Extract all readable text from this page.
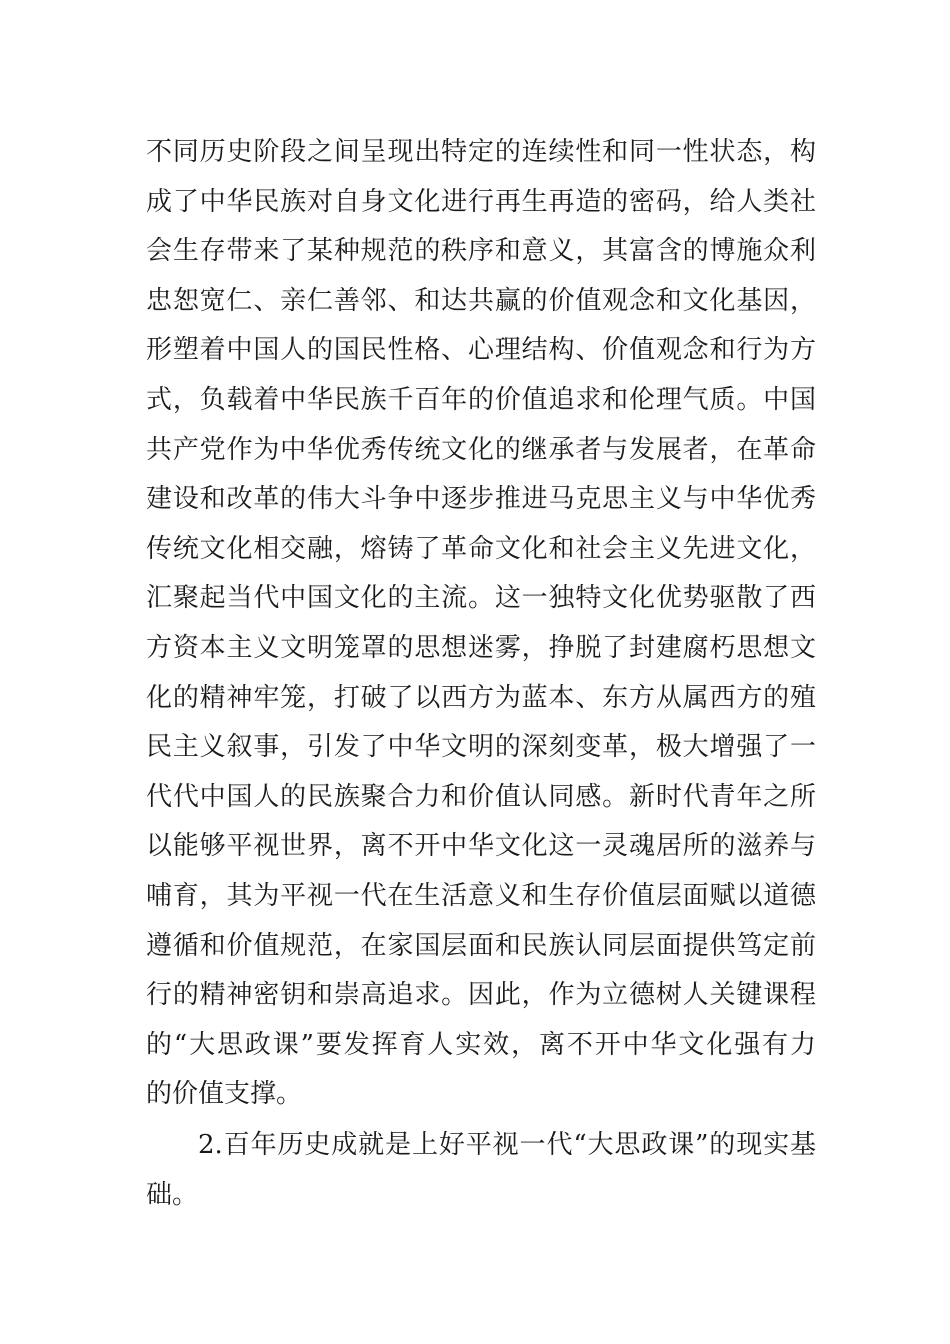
不同历史阶段之间呈现出特定的连续性和同一性状态，构
成了中华民族对自身文化进行再生再造的密码，给人类社
会生存带来了某种规范的秩序和意义，其富含的博施众利
忠恕宽仁、亲仁善邻、和达共赢的价值观念和文化基因，
形塑着中国人的国民性格、心理结构、价值观念和行为方
式，负载着中华民族千百年的价值追求和伦理气质。中国
共产党作为中华优秀传统文化的继承者与发展者，在革命
建设和改革的伟大斗争中逐步推进马克思主义与中华优秀
传统文化相交融，熔铸了革命文化和社会主义先进文化，
汇聚起当代中国文化的主流。这一独特文化优势驱散了西
方资本主义文明笼罩的思想迷雾，挣脱了封建腐朽思想文
化的精神牢笼，打破了以西方为蓝本、东方从属西方的殖
民主义叙事，引发了中华文明的深刻变革，极大增强了一
代代中国人的民族聚合力和价值认同感。新时代青年之所
以能够平视世界，离不开中华文化这一灵魂居所的滋养与
哺育，其为平视一代在生活意义和生存价值层面赋以道德
遵循和价值规范，在家国层面和民族认同层面提供笃定前
行的精神密钥和崇高追求。因此，作为立德树人关键课程
的“大思政课”要发挥育人实效，离不开中华文化强有力
的价值支撑。
2.百年历史成就是上好平视一代“大思政课”的现实基
础。
